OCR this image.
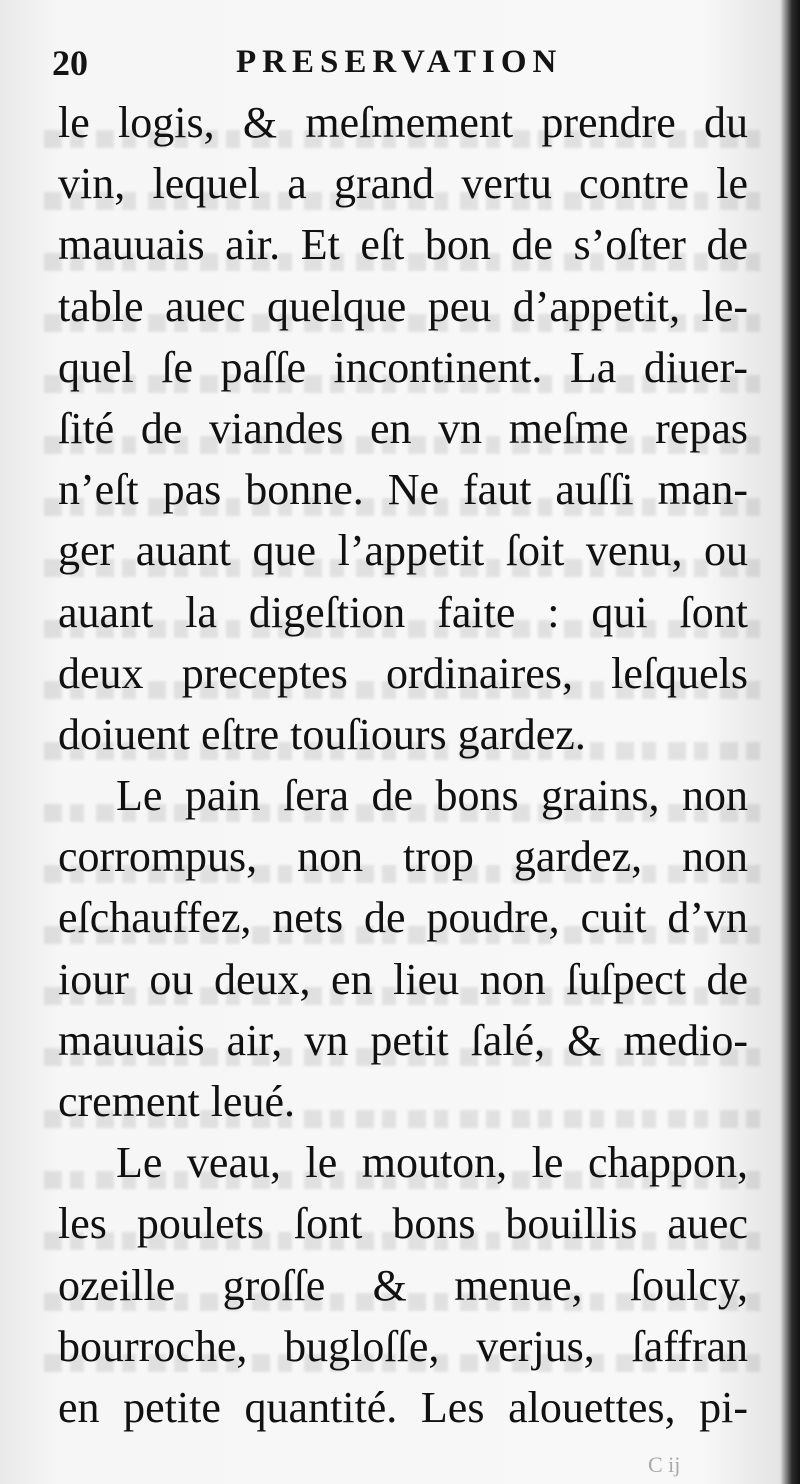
20	PRESERVATION
le logis, & meſmement prendre du
vin, lequel a grand vertu contre le
mauuais air. Et eſt bon de s’oſter de
table auec quelque peu d’appetit, le-
quel ſe paſſe incontinent. La diuer-
ſité de viandes en vn meſme repas
n’eſt pas bonne. Ne faut auſſi man-
ger auant que l’appetit ſoit venu, ou
auant la digeſtion faite : qui ſont
deux preceptes ordinaires, leſquels
doiuent eſtre touſiours gardez.
Le pain ſera de bons grains, non
corrompus, non trop gardez, non
eſchauffez, nets de poudre, cuit d’vn
iour ou deux, en lieu non ſuſpect de
mauuais air, vn petit ſalé, & medio-
crement leué.
Le veau, le mouton, le chappon,
les poulets ſont bons bouillis auec
ozeille groſſe & menue, ſoulcy,
bourroche, bugloſſe, verjus, ſaffran
en petite quantité. Les alouettes, pi-
C ij
